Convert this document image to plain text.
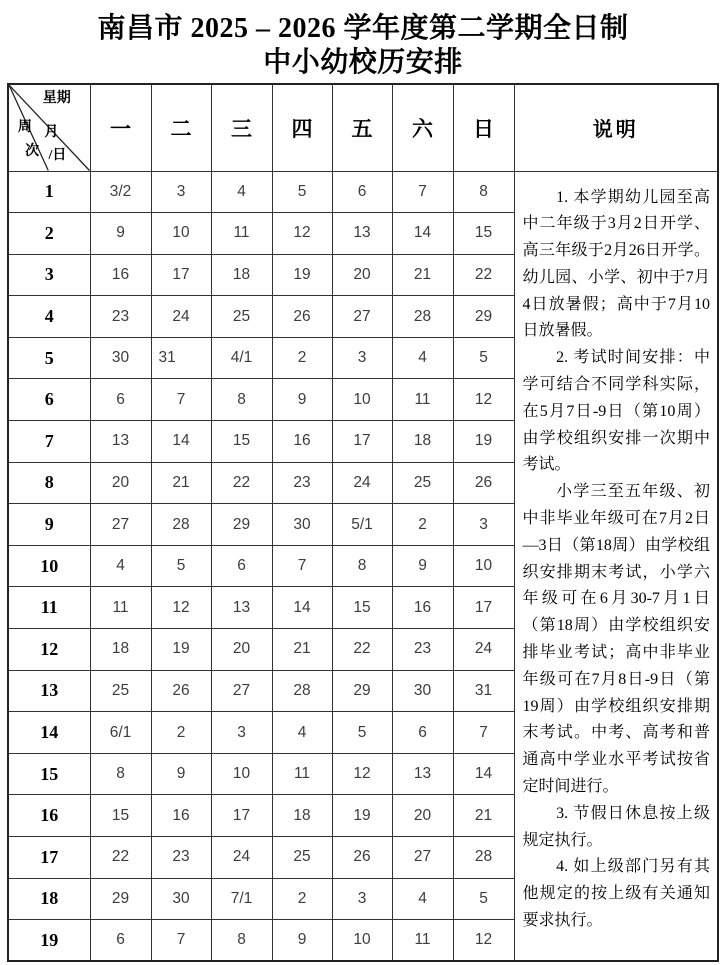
南昌市 2025 – 2026 学年度第二学期全日制
中小幼校历安排
星期
周 月
次 /日	一	二	三	四	五	六	日	说明
1	3/2	3	4	5	6	7	8	1. 本学期幼儿园至高中二年级于3月2日开学、高三年级于2月26日开学。幼儿园、小学、初中于7月4日放暑假；高中于7月10日放暑假。

2. 考试时间安排：中学可结合不同学科实际，在5月7日-9日（第10周）由学校组织安排一次期中考试。

小学三至五年级、初中非毕业年级可在7月2日—3日（第18周）由学校组织安排期末考试，小学六年级可在6月30-7月1日（第18周）由学校组织安排毕业考试；高中非毕业年级可在7月8日-9日（第19周）由学校组织安排期末考试。中考、高考和普通高中学业水平考试按省定时间进行。

3. 节假日休息按上级规定执行。

4. 如上级部门另有其他规定的按上级有关通知要求执行。

2	9	10	11	12	13	14	15	
3	16	17	18	19	20	21	22	
4	23	24	25	26	27	28	29	
5	30	31	4/1	2	3	4	5	
6	6	7	8	9	10	11	12	
7	13	14	15	16	17	18	19	
8	20	21	22	23	24	25	26	
9	27	28	29	30	5/1	2	3	
10	4	5	6	7	8	9	10	
11	11	12	13	14	15	16	17	
12	18	19	20	21	22	23	24	
13	25	26	27	28	29	30	31	
14	6/1	2	3	4	5	6	7	
15	8	9	10	11	12	13	14	
16	15	16	17	18	19	20	21	
17	22	23	24	25	26	27	28	
18	29	30	7/1	2	3	4	5	
19	6	7	8	9	10	11	12	
